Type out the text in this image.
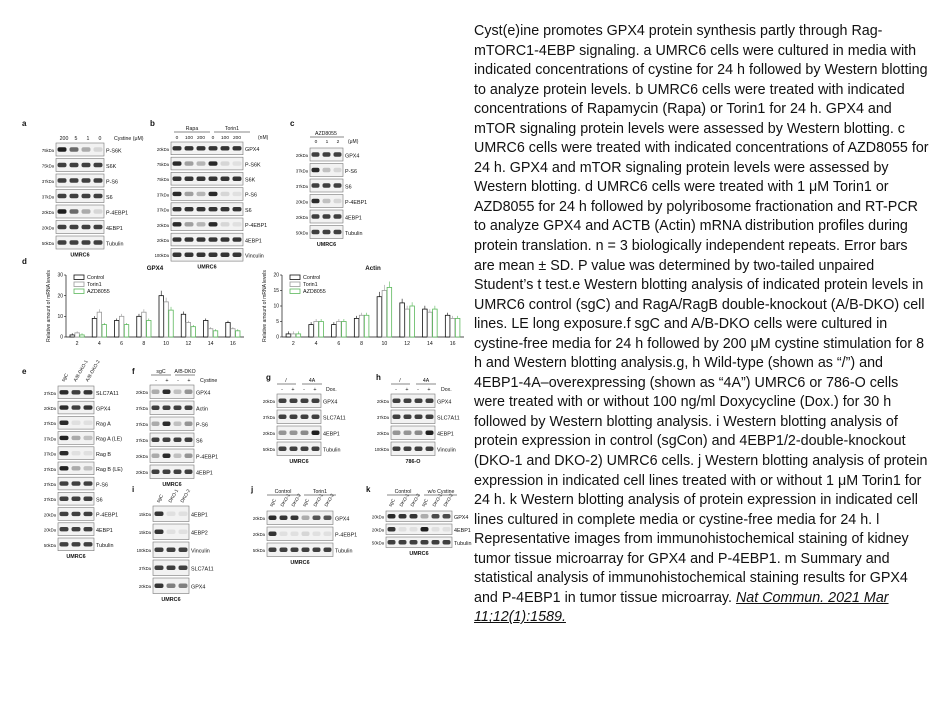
a
200 5 1 0 Cystine (μM)
P-S6K
75kDa
S6K
75kDa
P-S6
37kDa
S6
37kDa
P-4EBP1
20kDa
4EBP1
20kDa
Tubulin
50kDa
UMRC6
b
Rapa	Torin1
(nM)
0 100 200 0 100 200
GPX4
20kDa
P-S6K
75kDa
S6K
75kDa
P-S6
37kDa
S6
37kDa
P-4EBP1
20kDa
4EBP1
20kDa
Vinculin
100kDa
UMRC6
c
AZD8055
(μM)
0 1 2
GPX4
20kDa
P-S6
37kDa
S6
37kDa
P-4EBP1
20kDa
4EBP1
20kDa
Tubulin
50kDa
UMRC6
d
GPX4
Relative amount of mRNA levels 0
10
20
30
2	4	6	8	10	12	14	16
Control
Torin1
AZD8055
Actin
Relative amount of mRNA levels 0
5
10
15
20
2	4	6	8	10	12	14	16
Control
Torin1
AZD8055
e
sgC A/B-DKO-1
A/B-DKO-2
SLC7A11
37kDa
GPX4
20kDa
Rag A
37kDa
Rag A (LE)
37kDa
Rag B
37kDa
Rag B (LE)
37kDa
P-S6
37kDa
S6
37kDa
P-4EBP1
20kDa
4EBP1
20kDa
Tubulin
50kDa
UMRC6
f	sgC A/B-DKO
- + - + Cystine
GPX4
20kDa
Actin
37kDa
P-S6
37kDa
S6
37kDa
P-4EBP1
20kDa
4EBP1
20kDa
UMRC6
g	/	4A
- + - + Dox.
GPX4
20kDa
SLC7A11
37kDa
4EBP1
20kDa
Tubulin
50kDa
UMRC6
h	/	4A
- + - + Dox.
GPX4
20kDa
SLC7A11
37kDa
4EBP1
20kDa
Vinculin
100kDa
786-O
i
sgC DKO-1 DKO-2
4EBP1
15kDa
4EBP2
15kDa
Vinculin
100kDa
SLC7A11
37kDa
GPX4
20kDa
UMRC6
j	Control	Torin1
sgC DKO-1 DKO-2 sgC DKO-1 DKO-2
GPX4
20kDa
P-4EBP1
20kDa
Tubulin
50kDa
UMRC6
k	Control	w/o Cystine
sgC DKO-1 DKO-2 sgC DKO-1 DKO-2
GPX4
20kDa
4EBP1
20kDa
Tubulin
50kDa
UMRC6
Cyst(e)ine promotes GPX4 protein synthesis partly through Rag-mTORC1-4EBP signaling. a UMRC6 cells were cultured in media with indicated concentrations of cystine for 24 h followed by Western blotting to analyze protein levels. b UMRC6 cells were treated with indicated concentrations of Rapamycin (Rapa) or Torin1 for 24 h. GPX4 and mTOR signaling protein levels were assessed by Western blotting. c UMRC6 cells were treated with indicated concentrations of AZD8055 for 24 h. GPX4 and mTOR signaling protein levels were assessed by Western blotting. d UMRC6 cells were treated with 1 μM Torin1 or AZD8055 for 24 h followed by polyribosome fractionation and RT-PCR to analyze GPX4 and ACTB (Actin) mRNA distribution profiles during protein translation. n = 3 biologically independent repeats. Error bars are mean ± SD. P value was determined by two-tailed unpaired Student’s t test.e Western blotting analysis of indicated protein levels in UMRC6 control (sgC) and RagA/RagB double-knockout (A/B-DKO) cell lines. LE long exposure.f sgC and A/B-DKO cells were cultured in cystine-free media for 24 h followed by 200 μM cystine stimulation for 8 h and Western blotting analysis.g, h Wild-type (shown as “/”) and 4EBP1-4A–overexpressing (shown as “4A”) UMRC6 or 786-O cells were treated with or without 100 ng/ml Doxycycline (Dox.) for 30 h followed by Western blotting analysis. i Western blotting analysis of protein expression in control (sgCon) and 4EBP1/2-double-knockout (DKO-1 and DKO-2) UMRC6 cells. j Western blotting analysis of protein expression in indicated cell lines treated with or without 1 μM Torin1 for 24 h. k Western blotting analysis of protein expression in indicated cell lines cultured in complete media or cystine-free media for 24 h. l Representative images from immunohistochemical staining of kidney tumor tissue microarray for GPX4 and P-4EBP1. m Summary and statistical analysis of immunohistochemical staining results for GPX4 and P-4EBP1 in tumor tissue microarray. Nat Commun. 2021 Mar 11;12(1):1589.
